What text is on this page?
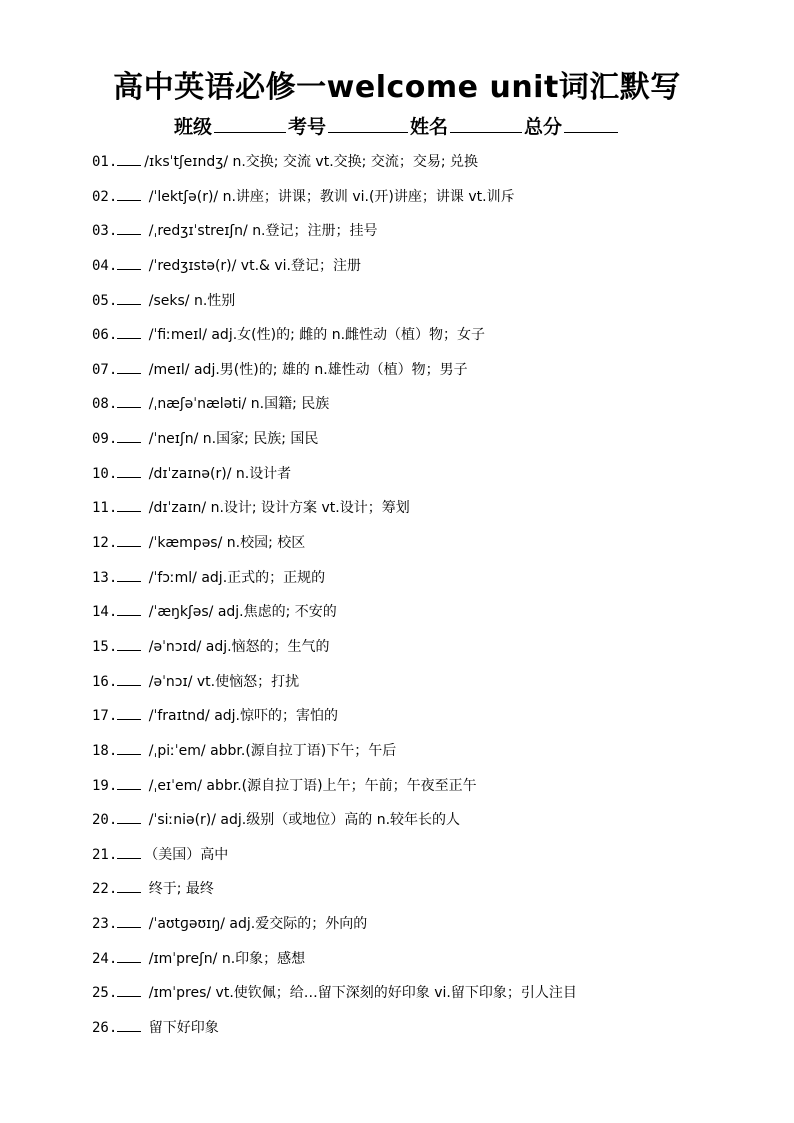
高中英语必修一welcome unit词汇默写
班级	考号	姓名	总分
01. /ɪksˈtʃeɪndʒ/ n.交换; 交流 vt.交换; 交流；交易; 兑换
02. /ˈlektʃə(r)/ n.讲座；讲课；教训 vi.(开)讲座；讲课 vt.训斥
03. /ˌredʒɪˈstreɪʃn/ n.登记；注册；挂号
04. /ˈredʒɪstə(r)/ vt.& vi.登记；注册
05. /seks/ n.性别
06. /ˈfiːmeɪl/ adj.女(性)的; 雌的 n.雌性动（植）物；女子
07. /meɪl/ adj.男(性)的; 雄的 n.雄性动（植）物；男子
08. /ˌnæʃəˈnæləti/ n.国籍; 民族
09. /ˈneɪʃn/ n.国家; 民族; 国民
10. /dɪˈzaɪnə(r)/ n.设计者
11. /dɪˈzaɪn/ n.设计; 设计方案 vt.设计；筹划
12. /ˈkæmpəs/ n.校园; 校区
13. /ˈfɔːml/ adj.正式的；正规的
14. /ˈæŋkʃəs/ adj.焦虑的; 不安的
15. /əˈnɔɪd/ adj.恼怒的；生气的
16. /əˈnɔɪ/ vt.使恼怒；打扰
17. /ˈfraɪtnd/ adj.惊吓的；害怕的
18. /ˌpiːˈem/ abbr.(源自拉丁语)下午；午后
19. /ˌeɪˈem/ abbr.(源自拉丁语)上午；午前；午夜至正午
20. /ˈsiːniə(r)/ adj.级别（或地位）高的 n.较年长的人
21. （美国）高中
22. 终于; 最终
23. /ˈaʊtɡəʊɪŋ/ adj.爱交际的；外向的
24. /ɪmˈpreʃn/ n.印象；感想
25. /ɪmˈpres/ vt.使钦佩；给…留下深刻的好印象 vi.留下印象；引人注目
26. 留下好印象
